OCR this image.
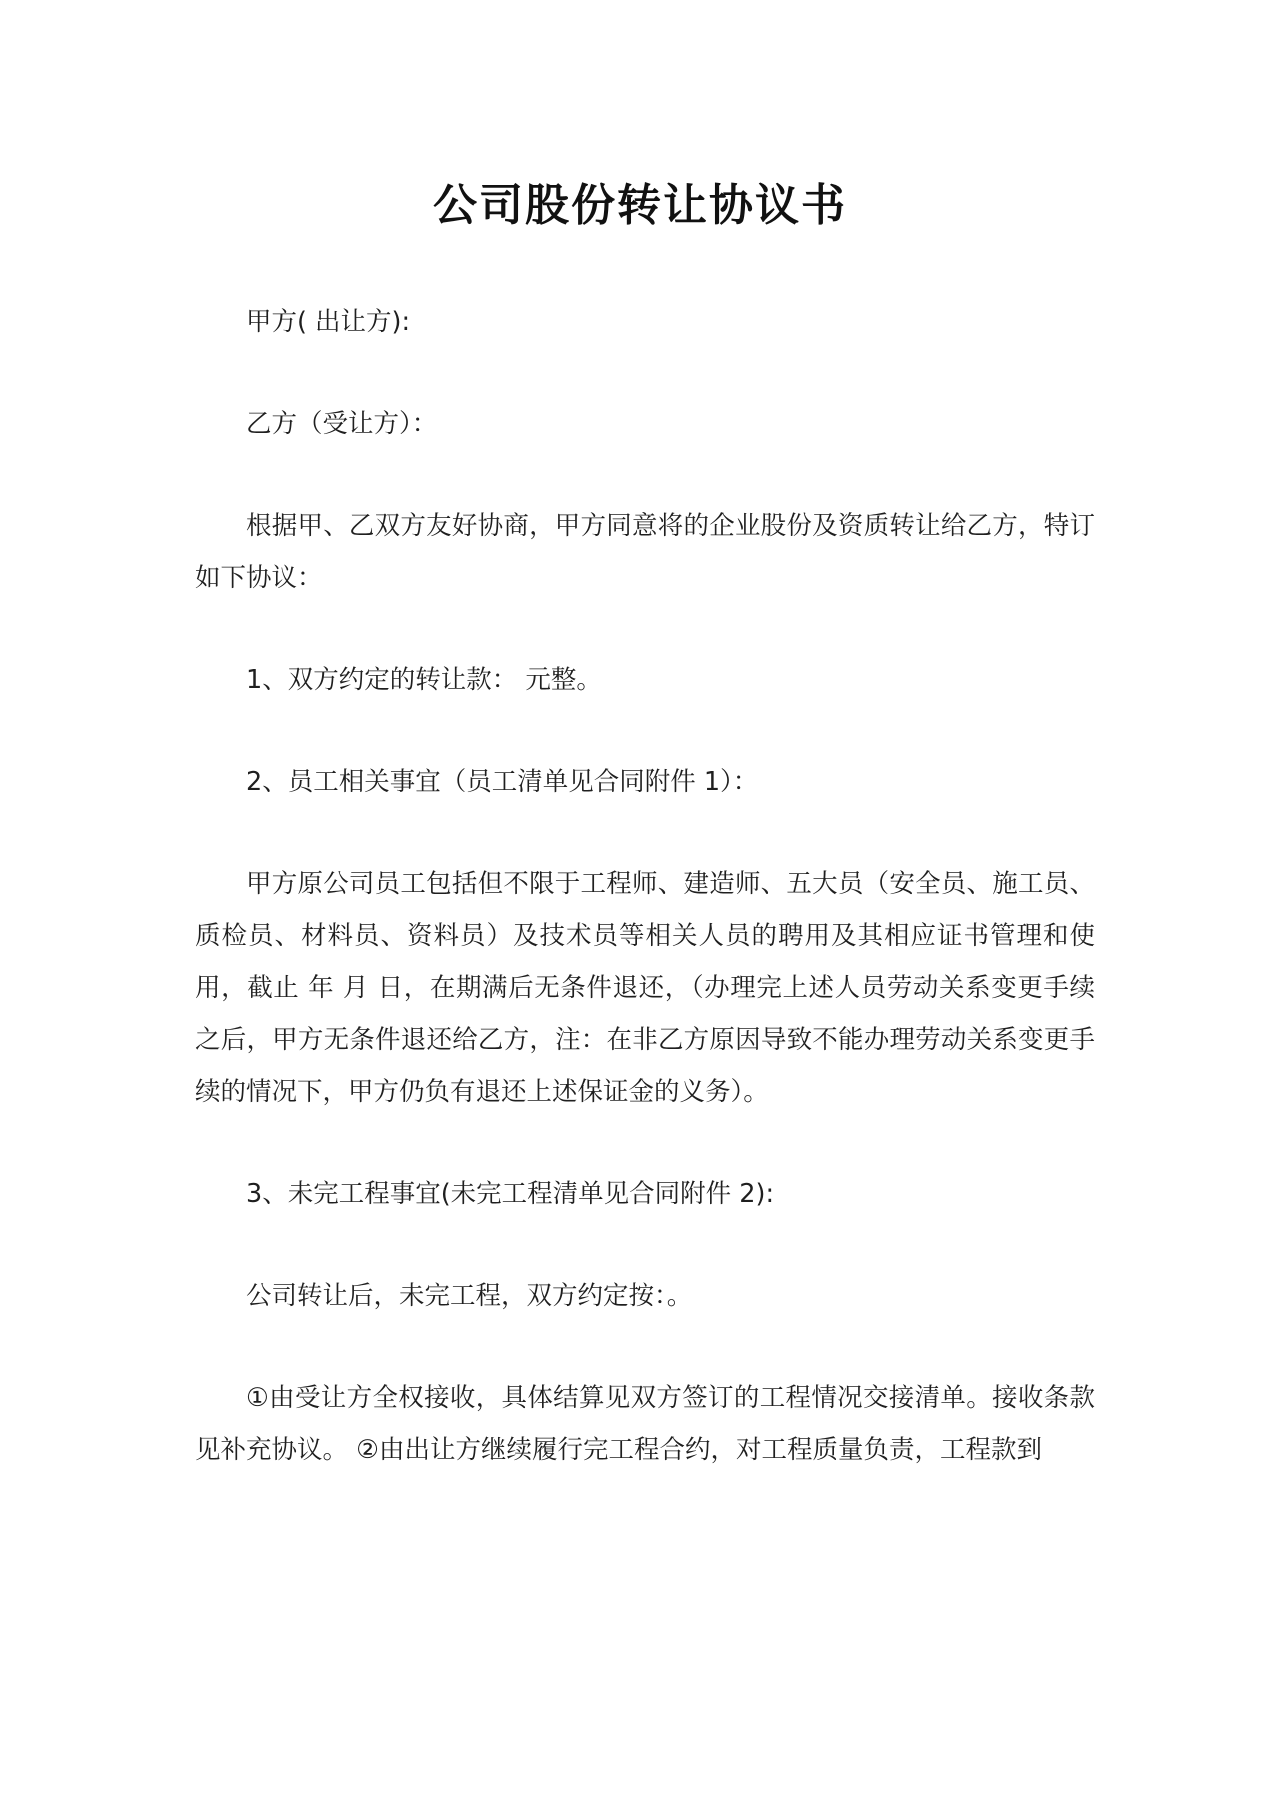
公司股份转让协议书

甲方( 出让方):

乙方（受让方）：

根据甲、乙双方友好协商，甲方同意将的企业股份及资质转让给乙方，特订如下协议：

1、双方约定的转让款： 元整。

2、员工相关事宜（员工清单见合同附件 1）：

甲方原公司员工包括但不限于工程师、建造师、五大员（安全员、施工员、质检员、材料员、资料员）及技术员等相关人员的聘用及其相应证书管理和使用，截止 年 月 日，在期满后无条件退还，（办理完上述人员劳动关系变更手续之后，甲方无条件退还给乙方，注：在非乙方原因导致不能办理劳动关系变更手续的情况下，甲方仍负有退还上述保证金的义务）。

3、未完工程事宜(未完工程清单见合同附件 2):

公司转让后，未完工程，双方约定按：。

①由受让方全权接收，具体结算见双方签订的工程情况交接清单。接收条款见补充协议。 ②由出让方继续履行完工程合约，对工程质量负责，工程款到
